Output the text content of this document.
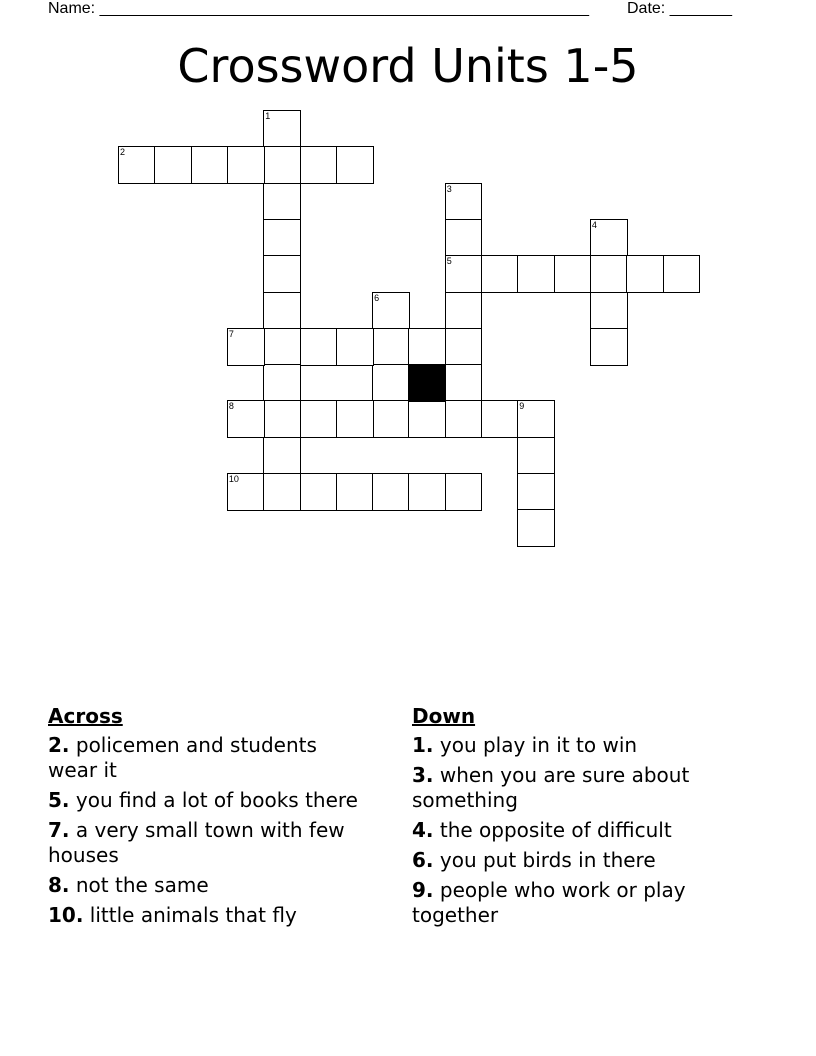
Name: _______________________________________________________ Date: _______
Crossword Units 1-5
1
2
3
5
4
6
7
8	9
10
Across
2. policemen and students wear it
5. you find a lot of books there
7. a very small town with few houses
8. not the same
10. little animals that fly
Down
1. you play in it to win
3. when you are sure about something
4. the opposite of difficult
6. you put birds in there
9. people who work or play together
